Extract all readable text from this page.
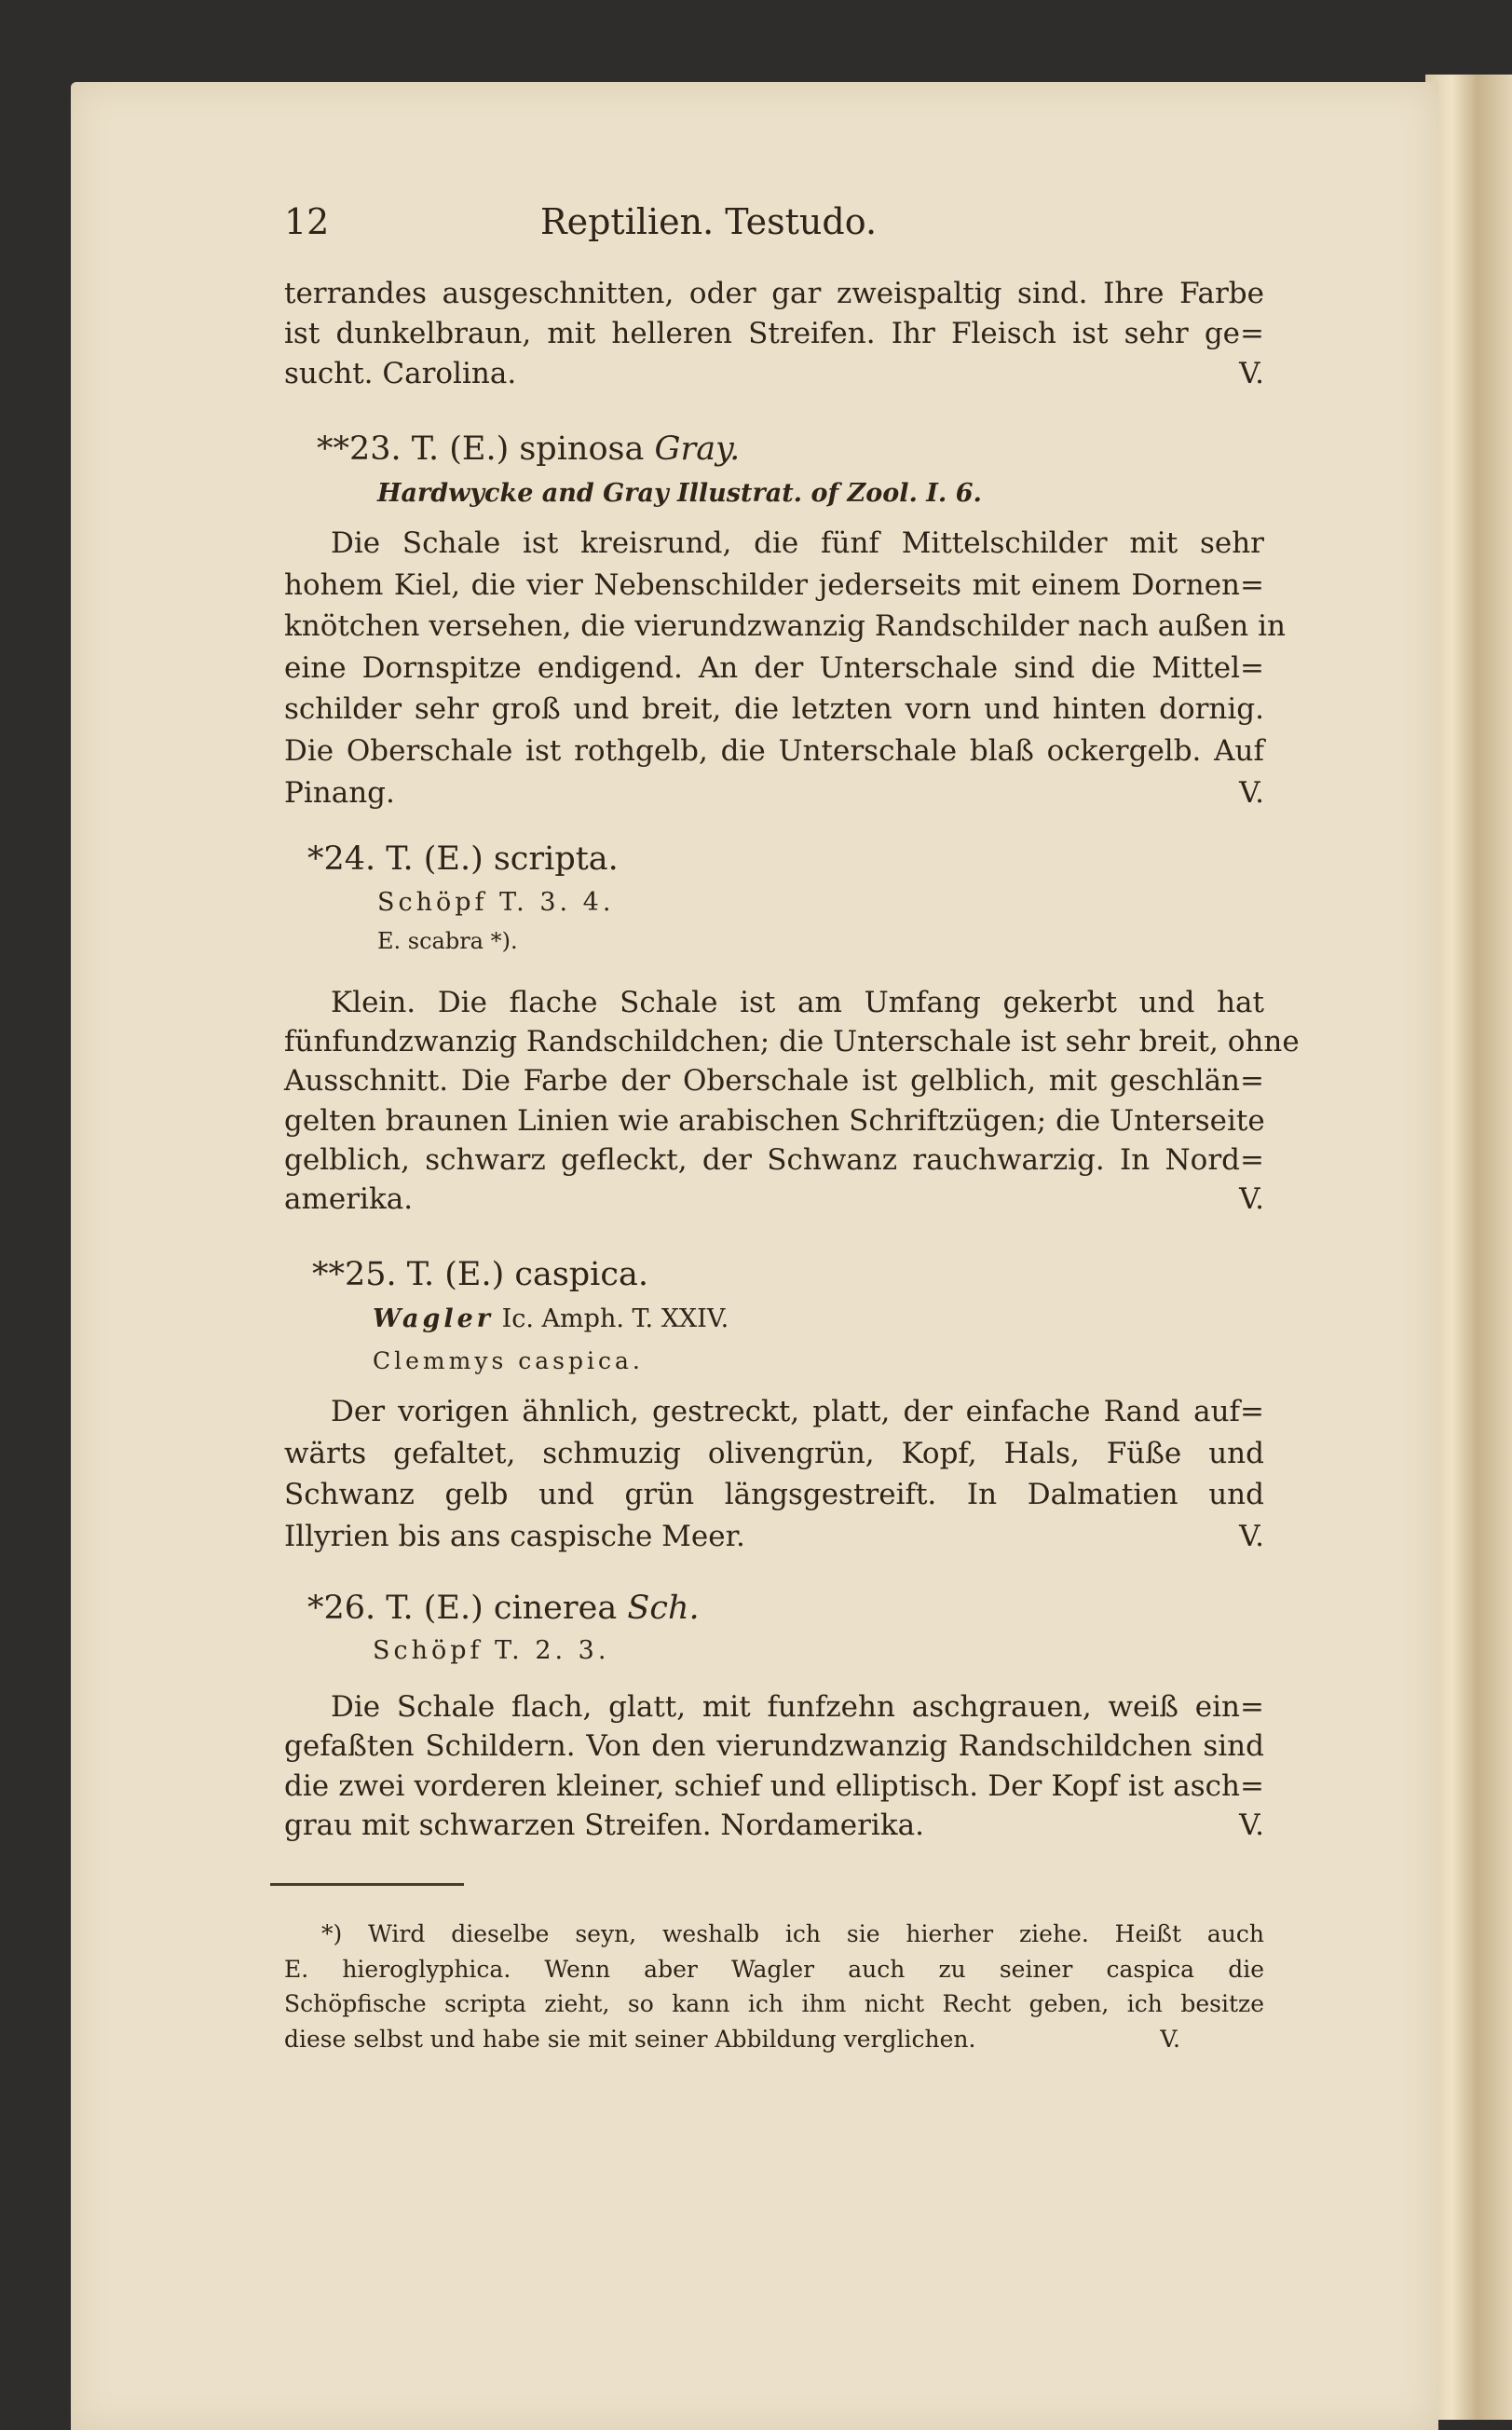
12	Reptilien. Testudo.
terrandes ausgeschnitten, oder gar zweispaltig sind. Ihre Farbe
ist dunkelbraun, mit helleren Streifen. Ihr Fleisch ist sehr ge=
sucht. Carolina.	V.
Die Schale ist kreisrund, die fünf Mittelschilder mit sehr
hohem Kiel, die vier Nebenschilder jederseits mit einem Dornen=
knötchen versehen, die vierundzwanzig Randschilder nach außen in
eine Dornspitze endigend. An der Unterschale sind die Mittel=
schilder sehr groß und breit, die letzten vorn und hinten dornig.
Die Oberschale ist rothgelb, die Unterschale blaß ockergelb. Auf
Pinang.	V.
Klein. Die flache Schale ist am Umfang gekerbt und hat
fünfundzwanzig Randschildchen; die Unterschale ist sehr breit, ohne
Ausschnitt. Die Farbe der Oberschale ist gelblich, mit geschlän=
gelten braunen Linien wie arabischen Schriftzügen; die Unterseite
gelblich, schwarz gefleckt, der Schwanz rauchwarzig. In Nord=
amerika.	V.
Der vorigen ähnlich, gestreckt, platt, der einfache Rand auf=
wärts gefaltet, schmuzig olivengrün, Kopf, Hals, Füße und
Schwanz gelb und grün längsgestreift. In Dalmatien und
Illyrien bis ans caspische Meer.	V.
Die Schale flach, glatt, mit funfzehn aschgrauen, weiß ein=
gefaßten Schildern. Von den vierundzwanzig Randschildchen sind
die zwei vorderen kleiner, schief und elliptisch. Der Kopf ist asch=
grau mit schwarzen Streifen. Nordamerika.	V.
*) Wird dieselbe seyn, weshalb ich sie hierher ziehe. Heißt auch
E. hieroglyphica. Wenn aber Wagler auch zu seiner caspica die
Schöpfische scripta zieht, so kann ich ihm nicht Recht geben, ich besitze
diese selbst und habe sie mit seiner Abbildung verglichen.	V.
**23. T. (E.) spinosa Gray.
Hardwycke and Gray Illustrat. of Zool. I. 6.
*24. T. (E.) scripta.
Schöpf T. 3. 4.
E. scabra *).
**25. T. (E.) caspica.
Wagler Ic. Amph. T. XXIV.
Clemmys caspica.
*26. T. (E.) cinerea Sch.
Schöpf T. 2. 3.
